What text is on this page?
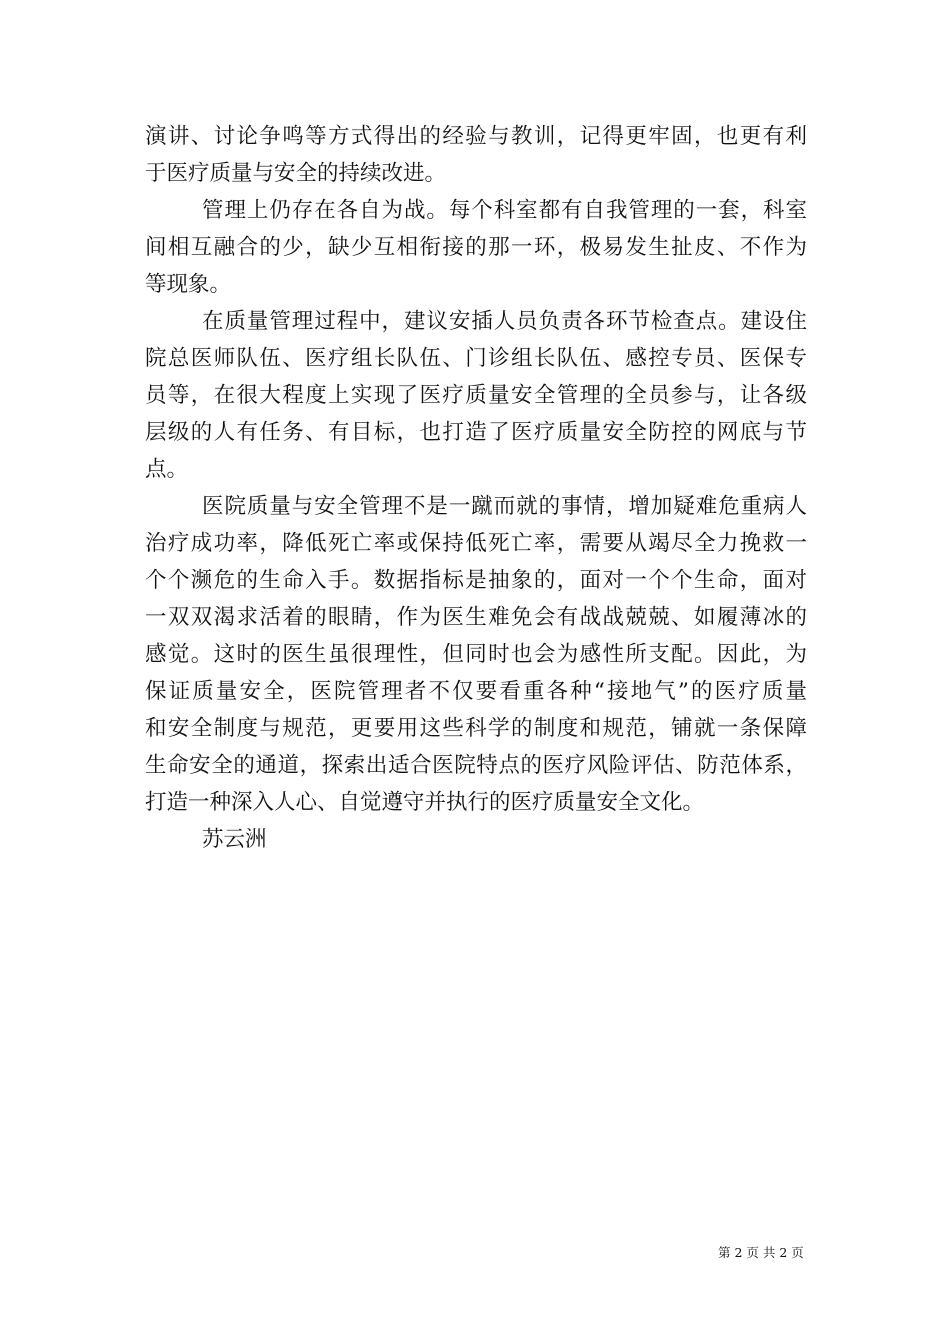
演讲、讨论争鸣等方式得出的经验与教训，记得更牢固，也更有利
于医疗质量与安全的持续改进。
管理上仍存在各自为战。每个科室都有自我管理的一套，科室
间相互融合的少，缺少互相衔接的那一环，极易发生扯皮、不作为
等现象。
在质量管理过程中，建议安插人员负责各环节检查点。建设住
院总医师队伍、医疗组长队伍、门诊组长队伍、感控专员、医保专
员等，在很大程度上实现了医疗质量安全管理的全员参与，让各级
层级的人有任务、有目标，也打造了医疗质量安全防控的网底与节
点。
医院质量与安全管理不是一蹴而就的事情，增加疑难危重病人
治疗成功率，降低死亡率或保持低死亡率，需要从竭尽全力挽救一
个个濒危的生命入手。数据指标是抽象的，面对一个个生命，面对
一双双渴求活着的眼睛，作为医生难免会有战战兢兢、如履薄冰的
感觉。这时的医生虽很理性，但同时也会为感性所支配。因此，为
保证质量安全，医院管理者不仅要看重各种“接地气”的医疗质量
和安全制度与规范，更要用这些科学的制度和规范，铺就一条保障
生命安全的通道，探索出适合医院特点的医疗风险评估、防范体系，
打造一种深入人心、自觉遵守并执行的医疗质量安全文化。
苏云洲
第 2 页 共 2 页
